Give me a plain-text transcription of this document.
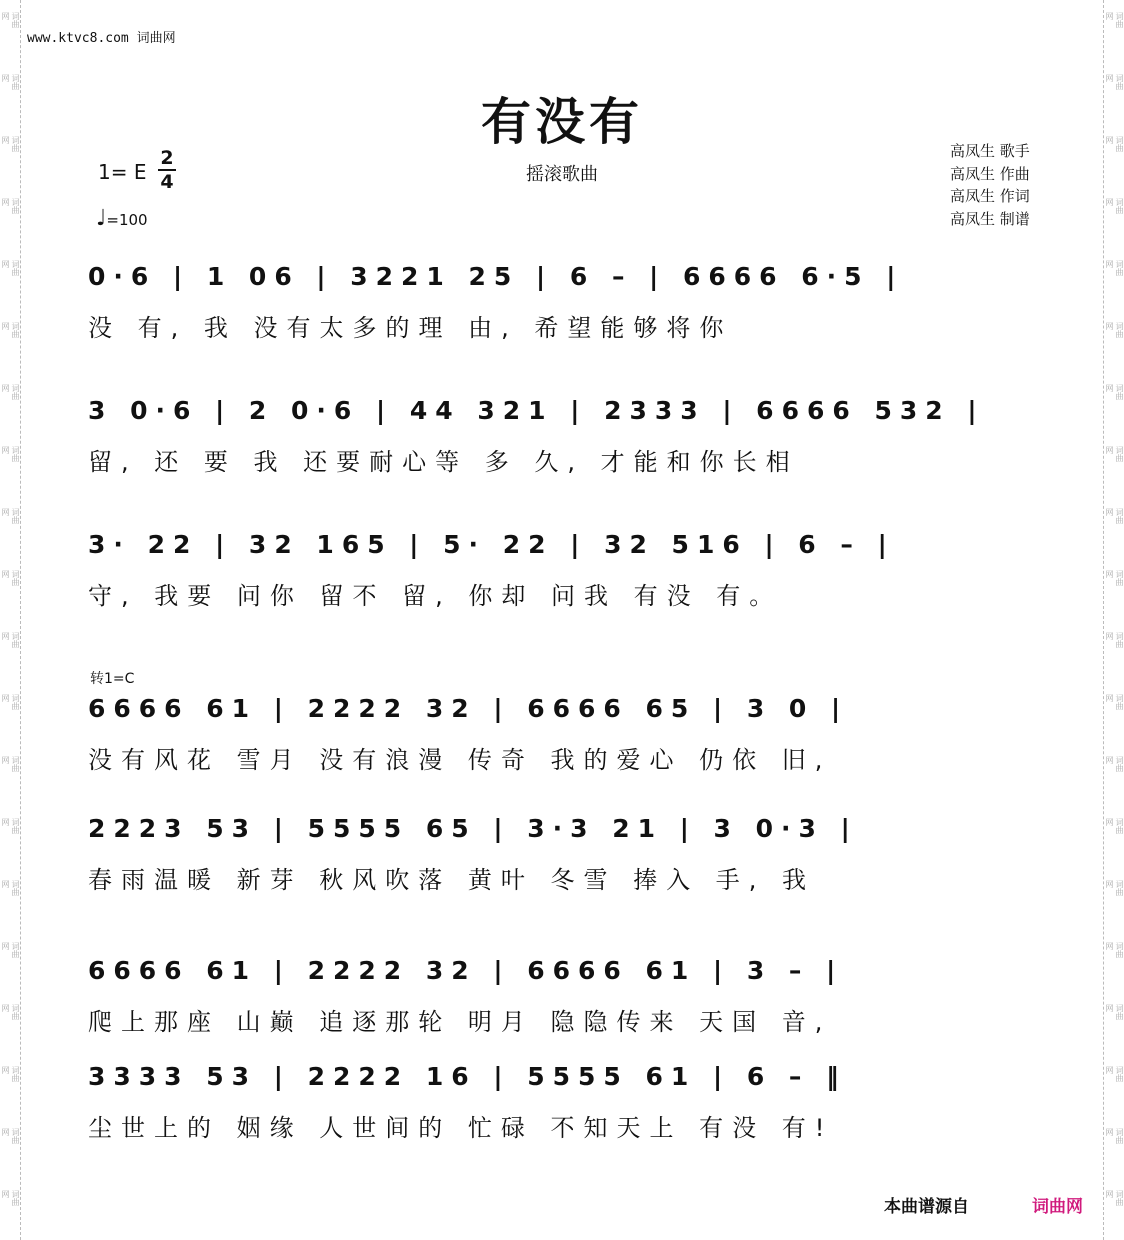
词曲网
词曲网
词曲网
词曲网
词曲网
词曲网
词曲网
词曲网
词曲网
词曲网
词曲网
词曲网
词曲网
词曲网
词曲网
词曲网
词曲网
词曲网
词曲网
词曲网
词曲网
词曲网
词曲网
词曲网
词曲网
词曲网
词曲网
词曲网
词曲网
词曲网
词曲网
词曲网
词曲网
词曲网
词曲网
词曲网
词曲网
词曲网
词曲网
词曲网
www.ktvc8.com 词曲网
有没有
摇滚歌曲
1= E
2
4
♩=100
高凤生 歌手
高凤生 作曲
高凤生 作词
高凤生 制谱
0·6 | 1 06 | 3221 25 | 6 – | 6666 6·5 |
没 有, 我 没有太多的理 由, 希望能够将你
3 0·6 | 2 0·6 | 44 321 | 2333 | 6666 532 |
留, 还 要 我 还要耐心等 多 久, 才能和你长相
3· 22 | 32 165 | 5· 22 | 32 516 | 6 – |
守, 我要 问你 留不 留, 你却 问我 有没 有。
转1=C
6666 61 | 2222 32 | 6666 65 | 3 0 |
没有风花 雪月 没有浪漫 传奇 我的爱心 仍依 旧,
2223 53 | 5555 65 | 3·3 21 | 3 0·3 |
春雨温暖 新芽 秋风吹落 黄叶 冬雪 捧入 手, 我
6666 61 | 2222 32 | 6666 61 | 3 – |
爬上那座 山巅 追逐那轮 明月 隐隐传来 天国 音,
3333 53 | 2222 16 | 5555 61 | 6 – ‖
尘世上的 姻缘 人世间的 忙碌 不知天上 有没 有!
本曲谱源自	词曲网
